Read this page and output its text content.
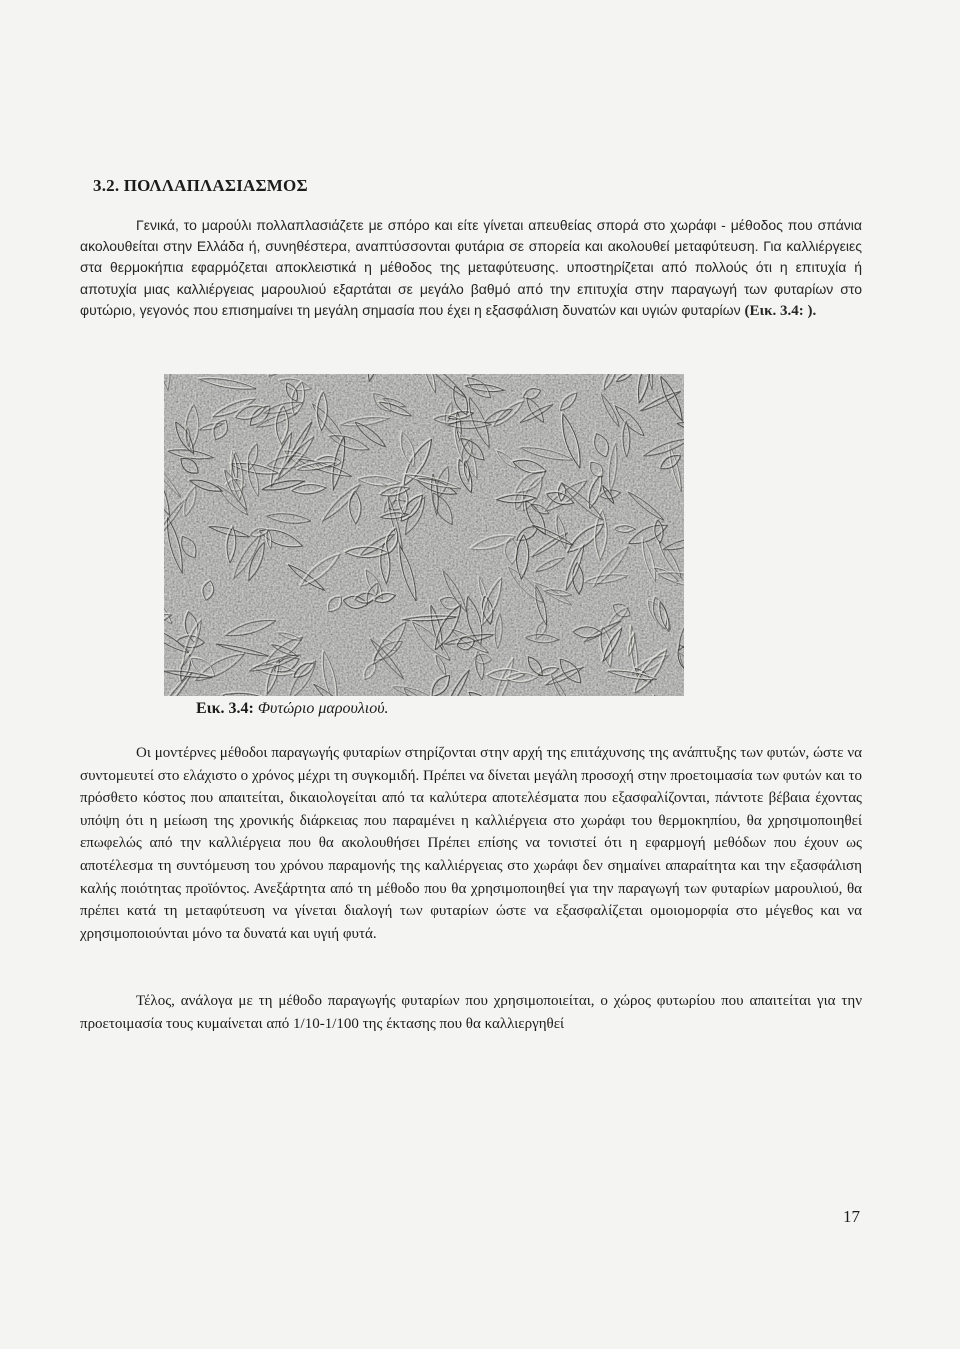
3.2. ΠΟΛΛΑΠΛΑΣΙΑΣΜΟΣ

Γενικά, το μαρούλι πολλαπλασιάζετε με σπόρο και είτε γίνεται απευθείας σπορά στο χωράφι - μέθοδος που σπάνια ακολουθείται στην Ελλάδα ή, συνηθέστερα, αναπτύσσονται φυτάρια σε σπορεία και ακολουθεί μεταφύτευση. Για καλλιέργειες στα θερμοκήπια εφαρμόζεται αποκλειστικά η μέθοδος της μεταφύτευσης. υποστηρίζεται από πολλούς ότι η επιτυχία ή αποτυχία μιας καλλιέργειας μαρουλιού εξαρτάται σε μεγάλο βαθμό από την επιτυχία στην παραγωγή των φυταρίων στο φυτώριο, γεγονός που επισημαίνει τη μεγάλη σημασία που έχει η εξασφάλιση δυνατών και υγιών φυταρίων (Εικ. 3.4: ).

Εικ. 3.4: Φυτώριο μαρουλιού.

Οι μοντέρνες μέθοδοι παραγωγής φυταρίων στηρίζονται στην αρχή της επιτάχυνσης της ανάπτυξης των φυτών, ώστε να συντομευτεί στο ελάχιστο ο χρόνος μέχρι τη συγκομιδή. Πρέπει να δίνεται μεγάλη προσοχή στην προετοιμασία των φυτών και το πρόσθετο κόστος που απαιτείται, δικαιολογείται από τα καλύτερα αποτελέσματα που εξασφαλίζονται, πάντοτε βέβαια έχοντας υπόψη ότι η μείωση της χρονικής διάρκειας που παραμένει η καλλιέργεια στο χωράφι του θερμοκηπίου, θα χρησιμοποιηθεί επωφελώς από την καλλιέργεια που θα ακολουθήσει Πρέπει επίσης να τονιστεί ότι η εφαρμογή μεθόδων που έχουν ως αποτέλεσμα τη συντόμευση του χρόνου παραμονής της καλλιέργειας στο χωράφι δεν σημαίνει απαραίτητα και την εξασφάλιση καλής ποιότητας προϊόντος. Ανεξάρτητα από τη μέθοδο που θα χρησιμοποιηθεί για την παραγωγή των φυταρίων μαρουλιού, θα πρέπει κατά τη μεταφύτευση να γίνεται διαλογή των φυταρίων ώστε να εξασφαλίζεται ομοιομορφία στο μέγεθος και να χρησιμοποιούνται μόνο τα δυνατά και υγιή φυτά.

Τέλος, ανάλογα με τη μέθοδο παραγωγής φυταρίων που χρησιμοποιείται, ο χώρος φυτωρίου που απαιτείται για την προετοιμασία τους κυμαίνεται από 1/10-1/100 της έκτασης που θα καλλιεργηθεί

17
